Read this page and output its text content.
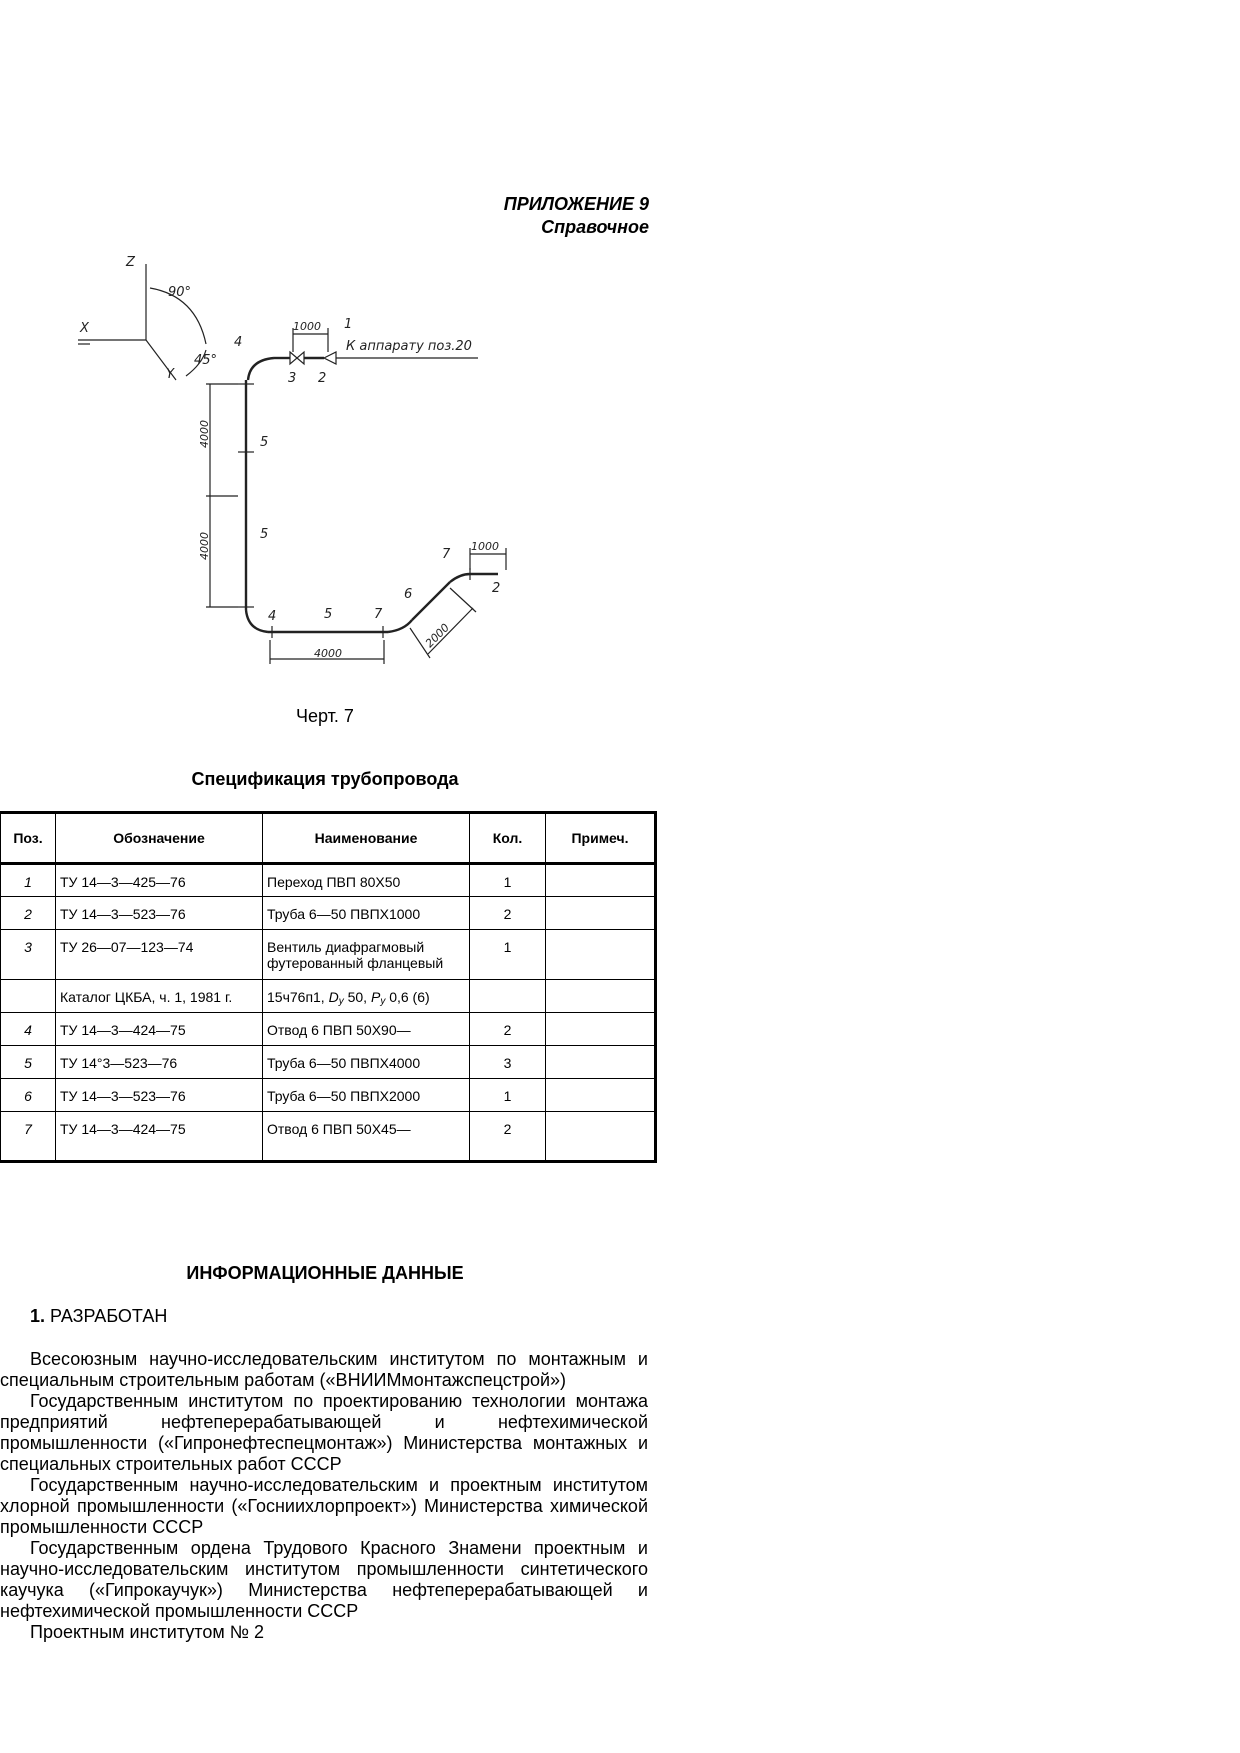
ПРИЛОЖЕНИЕ 9
Справочное
Z
X
Y
90°
45°
1000 1
К аппарату поз.20
4
3 2
4000
4000
5
5
4	5	7
4000
6
2000
7
1000
2
Черт. 7
Спецификация трубопровода
Поз.	Обозначение	Наименование	Кол.	Примеч.
1	ТУ 14—3—425—76	Переход ПВП 80Х50	1	
2	ТУ 14—3—523—76	Труба 6—50 ПВПХ1000	2	
3	ТУ 26—07—123—74	Вентиль диафрагмовый футерованный фланцевый	1	
	Каталог ЦКБА, ч. 1, 1981 г.	15ч76п1, $D_y$ 50, $P_y$ 0,6 (6)		
4	ТУ 14—3—424—75	Отвод 6 ПВП 50Х90—	2	
5	ТУ 14°3—523—76	Труба 6—50 ПВПХ4000	3	
6	ТУ 14—3—523—76	Труба 6—50 ПВПХ2000	1	
7	ТУ 14—3—424—75	Отвод 6 ПВП 50Х45—	2	
ИНФОРМАЦИОННЫЕ ДАННЫЕ
1. РАЗРАБОТАН

Всесоюзным научно-исследовательским институтом по монтажным и специальным строительным работам («ВНИИМмонтажспецстрой»)

Государственным институтом по проектированию технологии монтажа предприятий нефтеперерабатывающей и нефтехимической промышленности («Гипронефтеспецмонтаж») Министерства монтажных и специальных строительных работ СССР

Государственным научно-исследовательским и проектным институтом хлорной промышленности («Госниихлорпроект») Министерства химической промышленности СССР

Государственным ордена Трудового Красного Знамени проектным и научно-исследовательским институтом промышленности синтетического каучука («Гипрокаучук») Министерства нефтеперерабатывающей и нефтехимической промышленности СССР

Проектным институтом № 2
